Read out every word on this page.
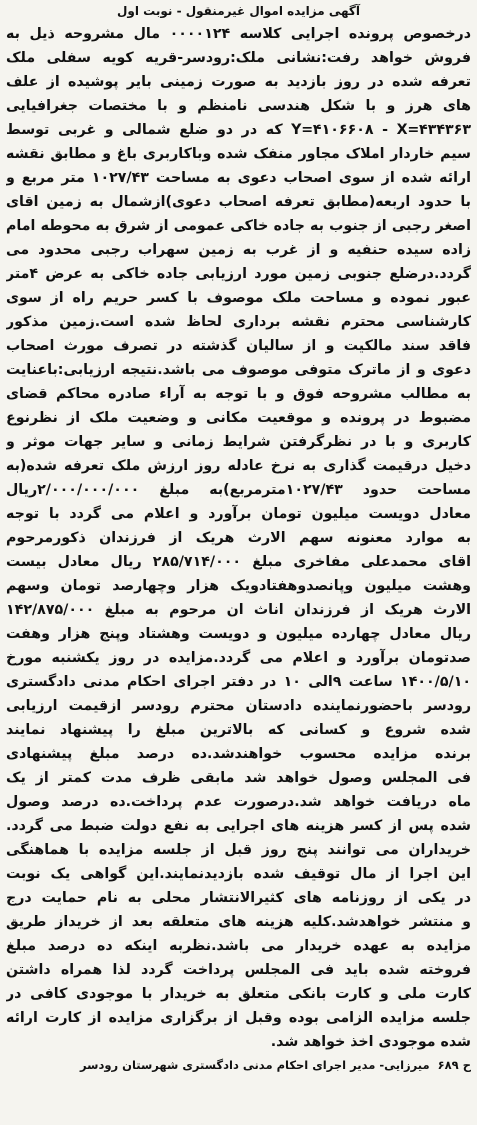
آگهی مزایده اموال غیرمنقول - نوبت اول
درخصوص پرونده اجرایی کلاسه ۰۰۰۰۱۲۴ مال مشروحه ذیل به
فروش خواهد رفت:نشانی ملک:رودسر-قریه کویه سفلی ملک
تعرفه شده در روز بازدید به صورت زمینی بایر پوشیده از علف
های هرز و با شکل هندسی نامنظم و با مختصات جغرافیایی
Y=۴۱۰۶۶۰۸ - X=۴۳۴۳۶۳ که در دو ضلع شمالی و غربی توسط
سیم خاردار املاک مجاور منفک شده وباکاربری باغ و مطابق نقشه
ارائه شده از سوی اصحاب دعوی به مساحت ۱۰۲۷/۴۳ متر مربع و
با حدود اربعه(مطابق تعرفه اصحاب دعوی)ازشمال به زمین اقای
اصغر رجبی از جنوب به جاده خاکی عمومی از شرق به محوطه امام
زاده سیده حنفیه و از غرب به زمین سهراب رجبی محدود می
گردد.درضلع جنوبی زمین مورد ارزیابی جاده خاکی به عرض ۴متر
عبور نموده و مساحت ملک موصوف با کسر حریم راه از سوی
کارشناسی محترم نقشه برداری لحاظ شده است.زمین مذکور
فاقد سند مالکیت و از سالیان گذشته در تصرف مورث اصحاب
دعوی و از ماترک متوفی موصوف می باشد.نتیجه ارزیابی:باعنایت
به مطالب مشروحه فوق و با توجه به آراء صادره محاکم قضای
مضبوط در پرونده و موقعیت مکانی و وضعیت ملک از نظرنوع
کاربری و با در نظرگرفتن شرایط زمانی و سایر جهات موثر و
دخیل درقیمت گذاری به نرخ عادله روز ارزش ملک تعرفه شده(به
مساحت حدود ۱۰۲۷/۴۳مترمربع)به مبلغ ۲/۰۰۰/۰۰۰/۰۰۰ریال
معادل دویست میلیون تومان برآورد و اعلام می گردد با توجه
به موارد معنونه سهم الارث هریک از فرزندان ذکورمرحوم
اقای محمدعلی مفاخری مبلغ ۲۸۵/۷۱۴/۰۰۰ ریال معادل بیست
وهشت میلیون وپانصدوهفتادویک هزار وچهارصد تومان وسهم
الارث هریک از فرزندان اناث ان مرحوم به مبلغ ۱۴۲/۸۷۵/۰۰۰
ریال معادل چهارده میلیون و دویست وهشتاد وپنج هزار وهفت
صدتومان برآورد و اعلام می گردد.مزایده در روز یکشنبه مورخ
۱۴۰۰/۵/۱۰ ساعت ۹الی ۱۰ در دفتر اجرای احکام مدنی دادگستری
رودسر باحضورنماینده دادستان محترم رودسر ازقیمت ارزیابی
شده شروع و کسانی که بالاترین مبلغ را پیشنهاد نمایند
برنده مزایده محسوب خواهندشد.ده درصد مبلغ پیشنهادی
فی المجلس وصول خواهد شد مابقی ظرف مدت کمتر از یک
ماه دریافت خواهد شد.درصورت عدم پرداخت.ده درصد وصول
شده پس از کسر هزینه های اجرایی به نفع دولت ضبط می گردد.
خریداران می توانند پنج روز قبل از جلسه مزایده با هماهنگی
این اجرا از مال توقیف شده بازدیدنمایند.این گواهی یک نوبت
در یکی از روزنامه های کثیرالانتشار محلی به نام حمایت درج
و منتشر خواهدشد.کلیه هزینه های متعلقه بعد از خریداز طریق
مزایده به عهده خریدار می باشد.نظربه اینکه ده درصد مبلغ
فروخته شده باید فی المجلس پرداخت گردد لذا همراه داشتن
کارت ملی و کارت بانکی متعلق به خریدار با موجودی کافی در
جلسه مزایده الزامی بوده وقبل از برگزاری مزایده از کارت ارائه
شده موجودی اخذ خواهد شد.
ح ۶۸۹ میرزایی- مدیر اجرای احکام مدنی دادگستری شهرستان رودسر
